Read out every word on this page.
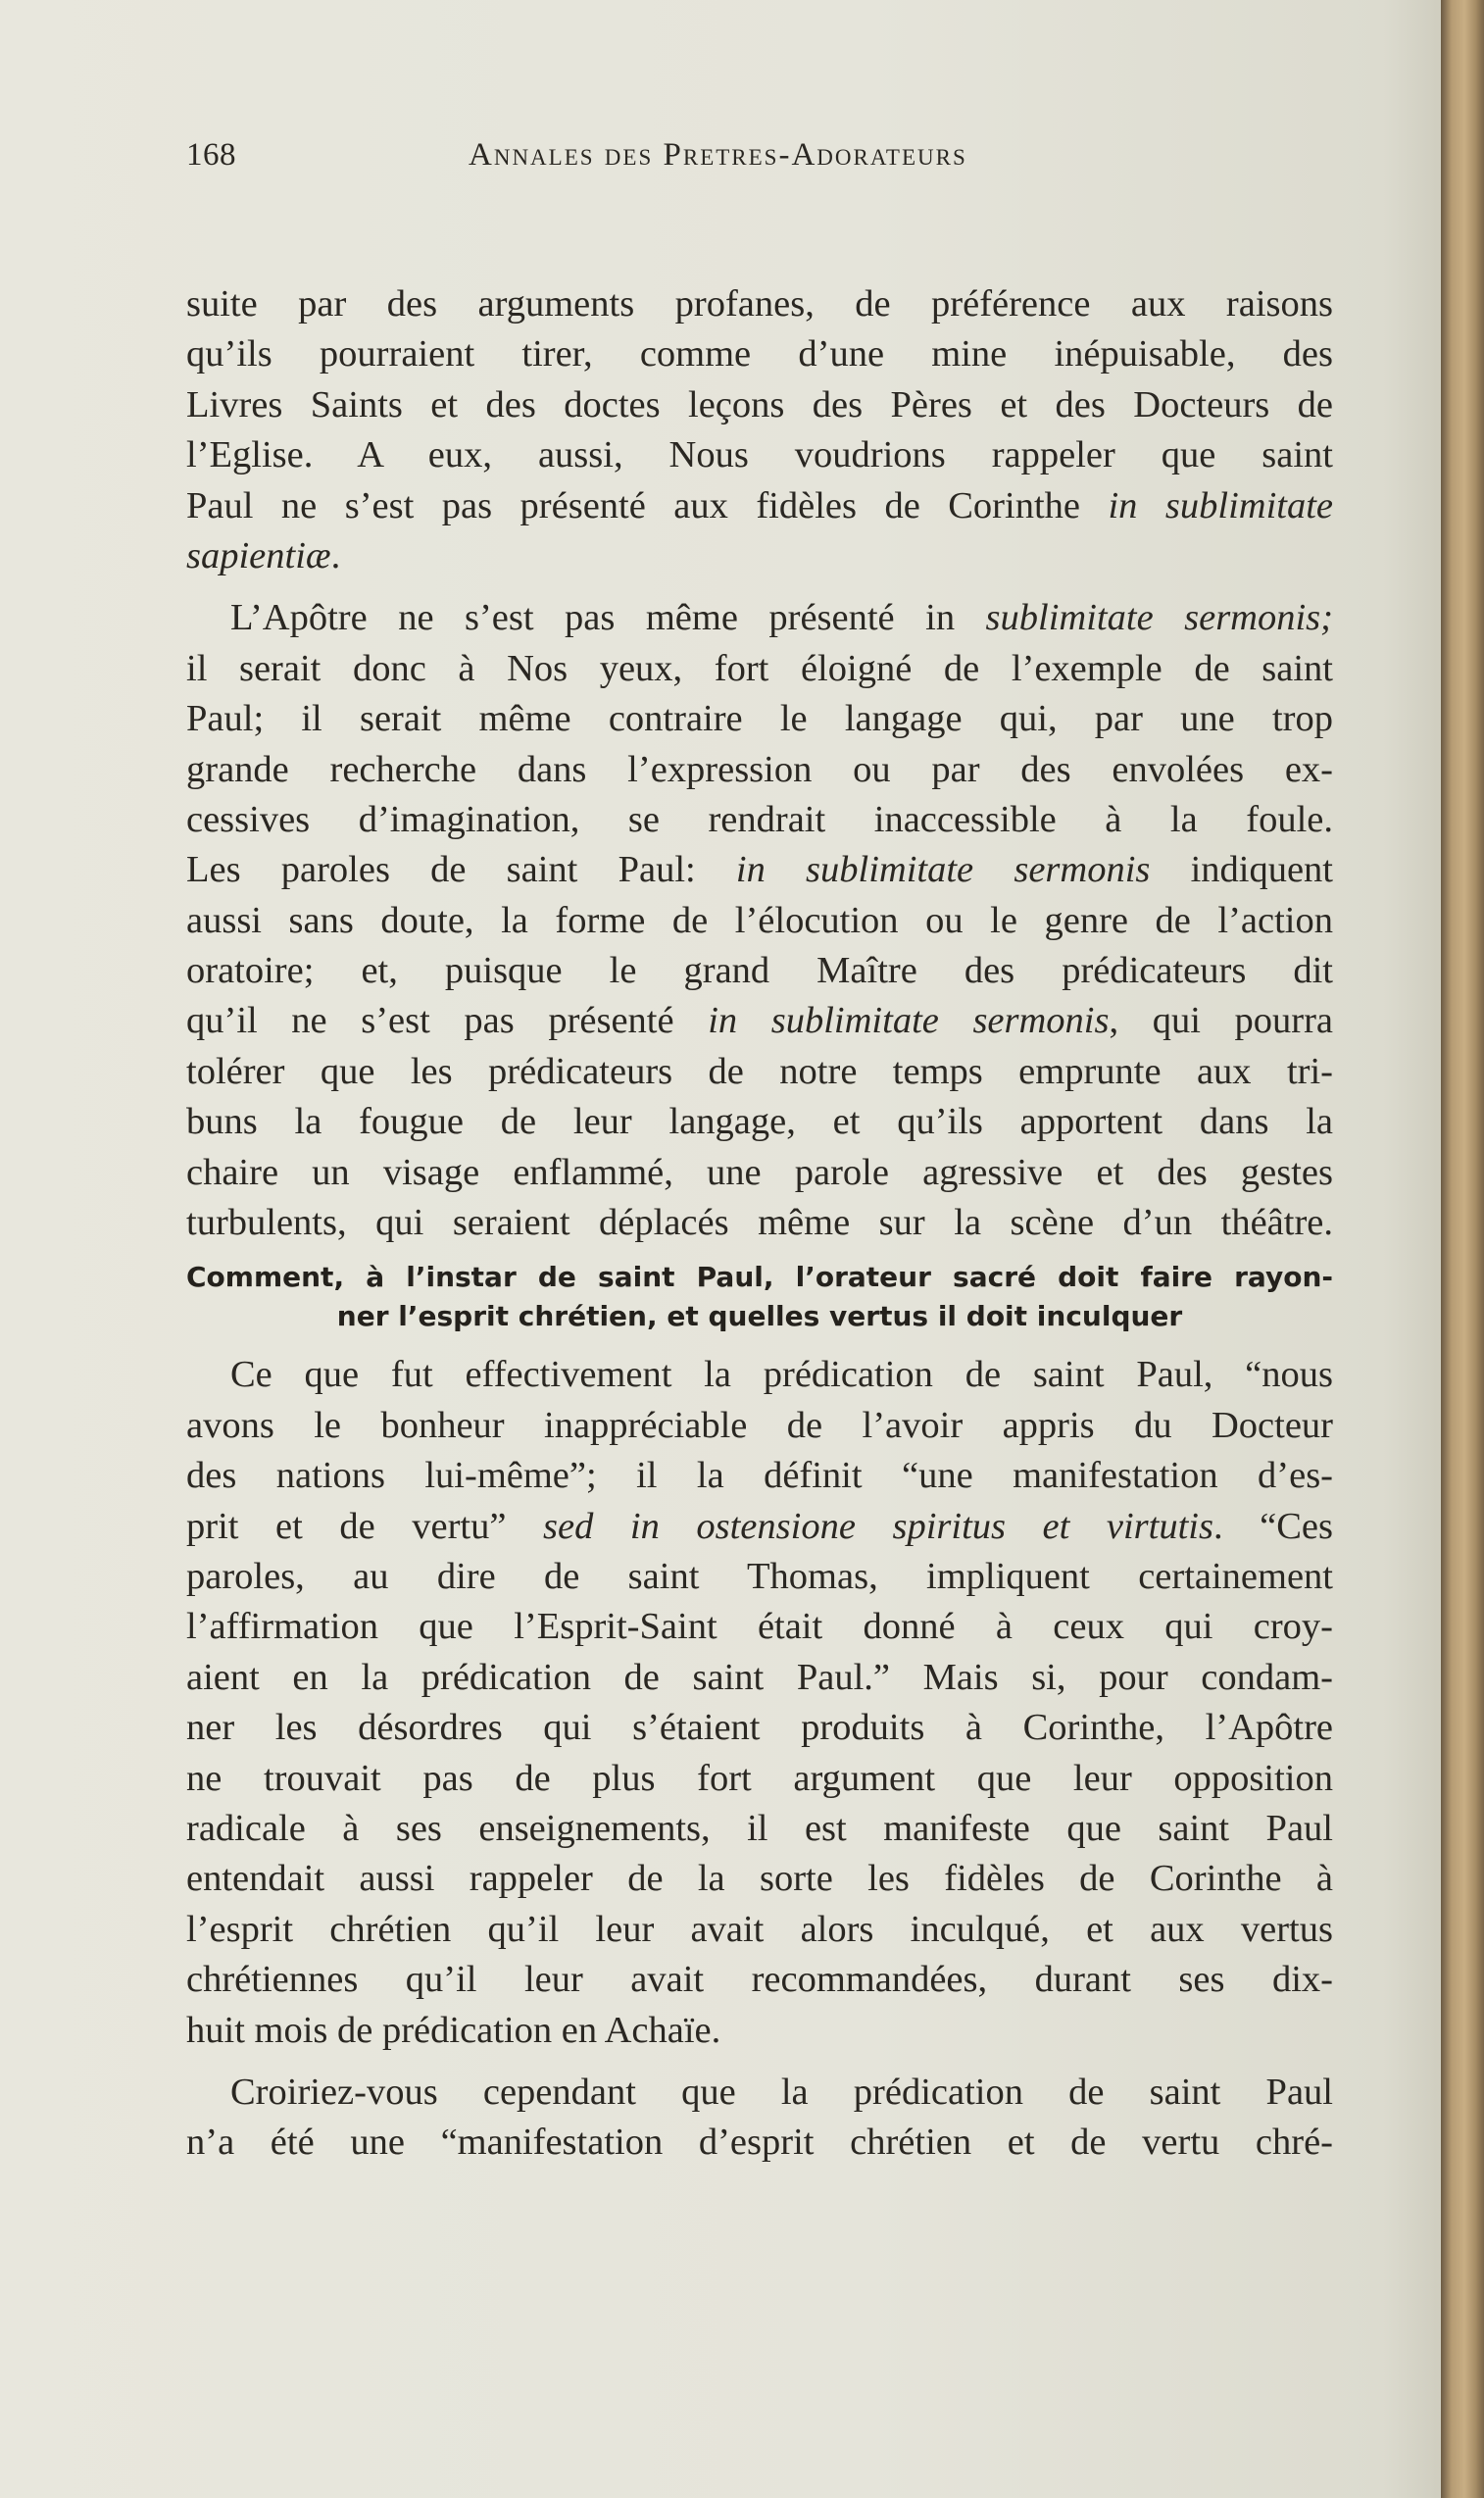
168	Annales des Pretres-Adorateurs
suite par des arguments profanes, de préférence aux raisons
qu’ils pourraient tirer, comme d’une mine inépuisable, des
Livres Saints et des doctes leçons des Pères et des Docteurs de
l’Eglise. A eux, aussi, Nous voudrions rappeler que saint
Paul ne s’est pas présenté aux fidèles de Corinthe in sublimitate
sapientiæ.
L’Apôtre ne s’est pas même présenté in sublimitate sermonis;
il serait donc à Nos yeux, fort éloigné de l’exemple de saint
Paul; il serait même contraire le langage qui, par une trop
grande recherche dans l’expression ou par des envolées ex-
cessives d’imagination, se rendrait inaccessible à la foule.
Les paroles de saint Paul: in sublimitate sermonis indiquent
aussi sans doute, la forme de l’élocution ou le genre de l’action
oratoire; et, puisque le grand Maître des prédicateurs dit
qu’il ne s’est pas présenté in sublimitate sermonis, qui pourra
tolérer que les prédicateurs de notre temps emprunte aux tri-
buns la fougue de leur langage, et qu’ils apportent dans la
chaire un visage enflammé, une parole agressive et des gestes
turbulents, qui seraient déplacés même sur la scène d’un théâtre.
Comment, à l’instar de saint Paul, l’orateur sacré doit faire rayon-
ner l’esprit chrétien, et quelles vertus il doit inculquer
Ce que fut effectivement la prédication de saint Paul, “nous
avons le bonheur inappréciable de l’avoir appris du Docteur
des nations lui-même”; il la définit “une manifestation d’es-
prit et de vertu” sed in ostensione spiritus et virtutis. “Ces
paroles, au dire de saint Thomas, impliquent certainement
l’affirmation que l’Esprit-Saint était donné à ceux qui croy-
aient en la prédication de saint Paul.” Mais si, pour condam-
ner les désordres qui s’étaient produits à Corinthe, l’Apôtre
ne trouvait pas de plus fort argument que leur opposition
radicale à ses enseignements, il est manifeste que saint Paul
entendait aussi rappeler de la sorte les fidèles de Corinthe à
l’esprit chrétien qu’il leur avait alors inculqué, et aux vertus
chrétiennes qu’il leur avait recommandées, durant ses dix-
huit mois de prédication en Achaïe.
Croiriez-vous cependant que la prédication de saint Paul
n’a été une “manifestation d’esprit chrétien et de vertu chré-
